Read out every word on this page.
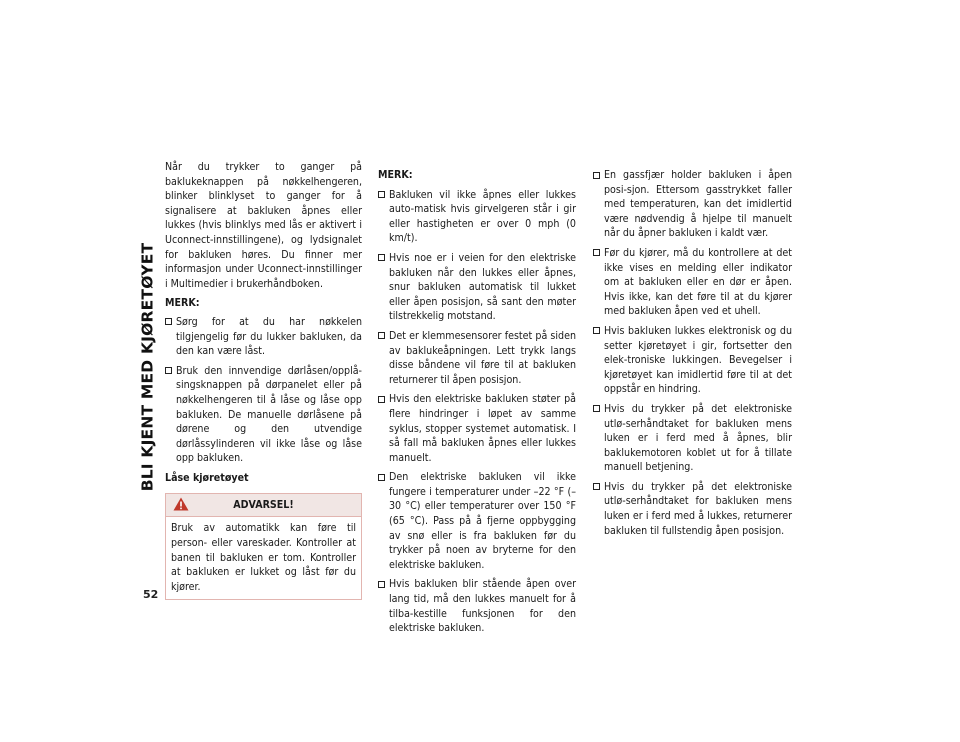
BLI KJENT MED KJØRETØYET
52

Når du trykker to ganger på baklukeknappen på nøkkelhengeren, blinker blinklyset to ganger for å signalisere at bakluken åpnes eller lukkes (hvis blinklys med lås er aktivert i Uconnect-innstillingene), og lydsignalet for bakluken høres. Du finner mer informasjon under Uconnect-innstillinger i Multimedier i brukerhåndboken.

MERK:
Sørg for at du har nøkkelen tilgjengelig før du lukker bakluken, da den kan være låst.
Bruk den innvendige dørlåsen/opplå-singsknappen på dørpanelet eller på nøkkelhengeren til å låse og låse opp bakluken. De manuelle dørlåsene på dørene og den utvendige dørlåssylinderen vil ikke låse og låse opp bakluken.
Låse kjøretøyet
ADVARSEL!
Bruk av automatikk kan føre til person- eller vareskader. Kontroller at banen til bakluken er tom. Kontroller at bakluken er lukket og låst før du kjører.
MERK:
Bakluken vil ikke åpnes eller lukkes auto-matisk hvis girvelgeren står i gir eller hastigheten er over 0 mph (0 km/t).
Hvis noe er i veien for den elektriske bakluken når den lukkes eller åpnes, snur bakluken automatisk til lukket eller åpen posisjon, så sant den møter tilstrekkelig motstand.
Det er klemmesensorer festet på siden av baklukeåpningen. Lett trykk langs disse båndene vil føre til at bakluken returnerer til åpen posisjon.
Hvis den elektriske bakluken støter på flere hindringer i løpet av samme syklus, stopper systemet automatisk. I så fall må bakluken åpnes eller lukkes manuelt.
Den elektriske bakluken vil ikke fungere i temperaturer under –22 °F (–30 °C) eller temperaturer over 150 °F (65 °C). Pass på å fjerne oppbygging av snø eller is fra bakluken før du trykker på noen av bryterne for den elektriske bakluken.
Hvis bakluken blir stående åpen over lang tid, må den lukkes manuelt for å tilba-kestille funksjonen for den elektriske bakluken.
En gassfjær holder bakluken i åpen posi-sjon. Ettersom gasstrykket faller med temperaturen, kan det imidlertid være nødvendig å hjelpe til manuelt når du åpner bakluken i kaldt vær.
Før du kjører, må du kontrollere at det ikke vises en melding eller indikator om at bakluken eller en dør er åpen. Hvis ikke, kan det føre til at du kjører med bakluken åpen ved et uhell.
Hvis bakluken lukkes elektronisk og du setter kjøretøyet i gir, fortsetter den elek-troniske lukkingen. Bevegelser i kjøretøyet kan imidlertid føre til at det oppstår en hindring.
Hvis du trykker på det elektroniske utlø-serhåndtaket for bakluken mens luken er i ferd med å åpnes, blir baklukemotoren koblet ut for å tillate manuell betjening.
Hvis du trykker på det elektroniske utlø-serhåndtaket for bakluken mens luken er i ferd med å lukkes, returnerer bakluken til fullstendig åpen posisjon.
